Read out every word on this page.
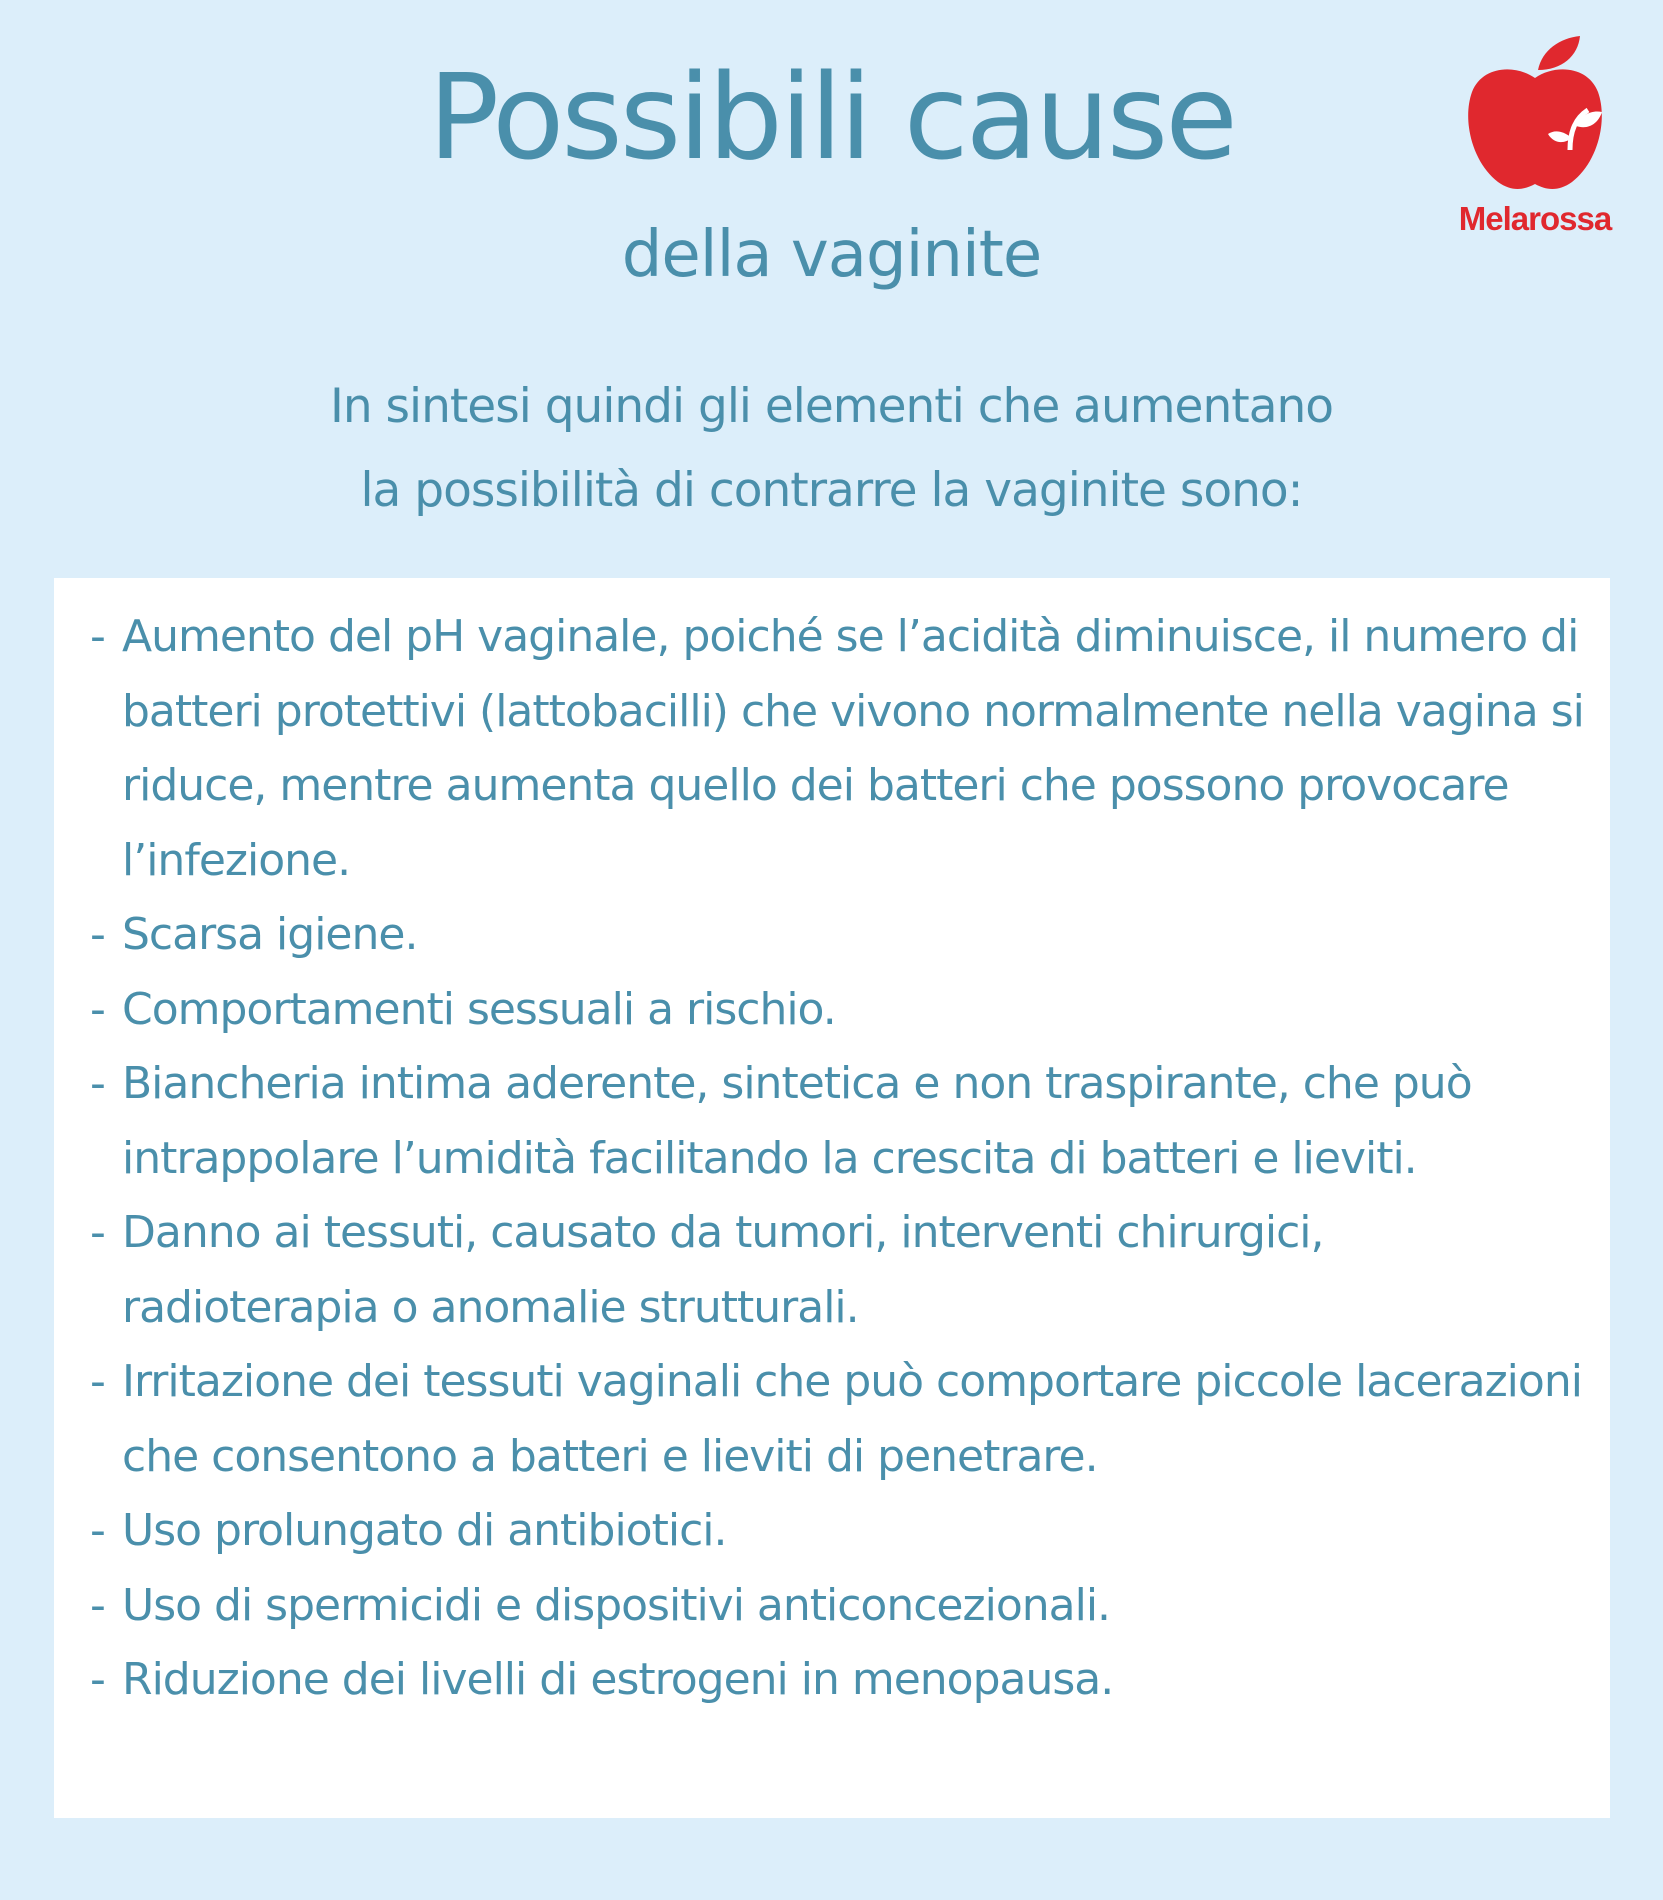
Possibili cause
della vaginite	Melarossa

In sintesi quindi gli elementi che aumentano
la possibilità di contrarre la vaginite sono:

- Aumento del pH vaginale, poiché se l’acidità diminuisce, il numero di batteri protettivi (lattobacilli) che vivono normalmente nella vagina si riduce, mentre aumenta quello dei batteri che possono provocare l’infezione.
- Scarsa igiene.
- Comportamenti sessuali a rischio.
- Biancheria intima aderente, sintetica e non traspirante, che può intrappolare l’umidità facilitando la crescita di batteri e lieviti.
- Danno ai tessuti, causato da tumori, interventi chirurgici, radioterapia o anomalie strutturali.
- Irritazione dei tessuti vaginali che può comportare piccole lacerazioni che consentono a batteri e lieviti di penetrare.
- Uso prolungato di antibiotici.
- Uso di spermicidi e dispositivi anticoncezionali.
- Riduzione dei livelli di estrogeni in menopausa.
